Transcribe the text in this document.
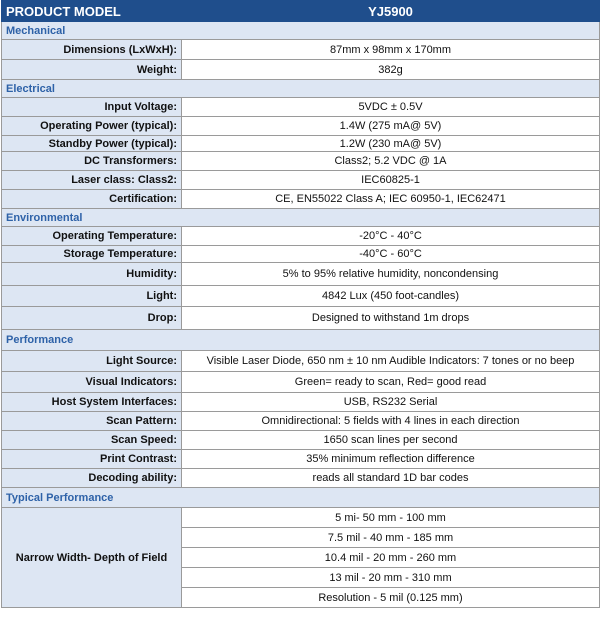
PRODUCT MODEL	YJ5900
Mechanical	
Dimensions (LxWxH):	87mm x 98mm x 170mm
Weight:	382g
Electrical	
Input Voltage:	5VDC ± 0.5V
Operating Power (typical):	1.4W (275 mA@ 5V)
Standby Power (typical):	1.2W (230 mA@ 5V)
DC Transformers:	Class2; 5.2 VDC @ 1A
Laser class: Class2:	IEC60825-1
Certification:	CE, EN55022 Class A; IEC 60950-1, IEC62471
Environmental	
Operating Temperature:	-20°C - 40°C
Storage Temperature:	-40°C - 60°C
Humidity:	5% to 95% relative humidity, noncondensing
Light:	4842 Lux (450 foot-candles)
Drop:	Designed to withstand 1m drops
Performance	
Light Source:	Visible Laser Diode, 650 nm ± 10 nm Audible Indicators: 7 tones or no beep
Visual Indicators:	Green= ready to scan, Red= good read
Host System Interfaces:	USB, RS232 Serial
Scan Pattern:	Omnidirectional: 5 fields with 4 lines in each direction
Scan Speed:	1650 scan lines per second
Print Contrast:	35% minimum reflection difference
Decoding ability:	reads all standard 1D bar codes
Typical Performance	
Narrow Width- Depth of Field	5 mi- 50 mm - 100 mm
	7.5 mil - 40 mm - 185 mm
	10.4 mil - 20 mm - 260 mm
	13 mil - 20 mm - 310 mm
	Resolution - 5 mil (0.125 mm)
